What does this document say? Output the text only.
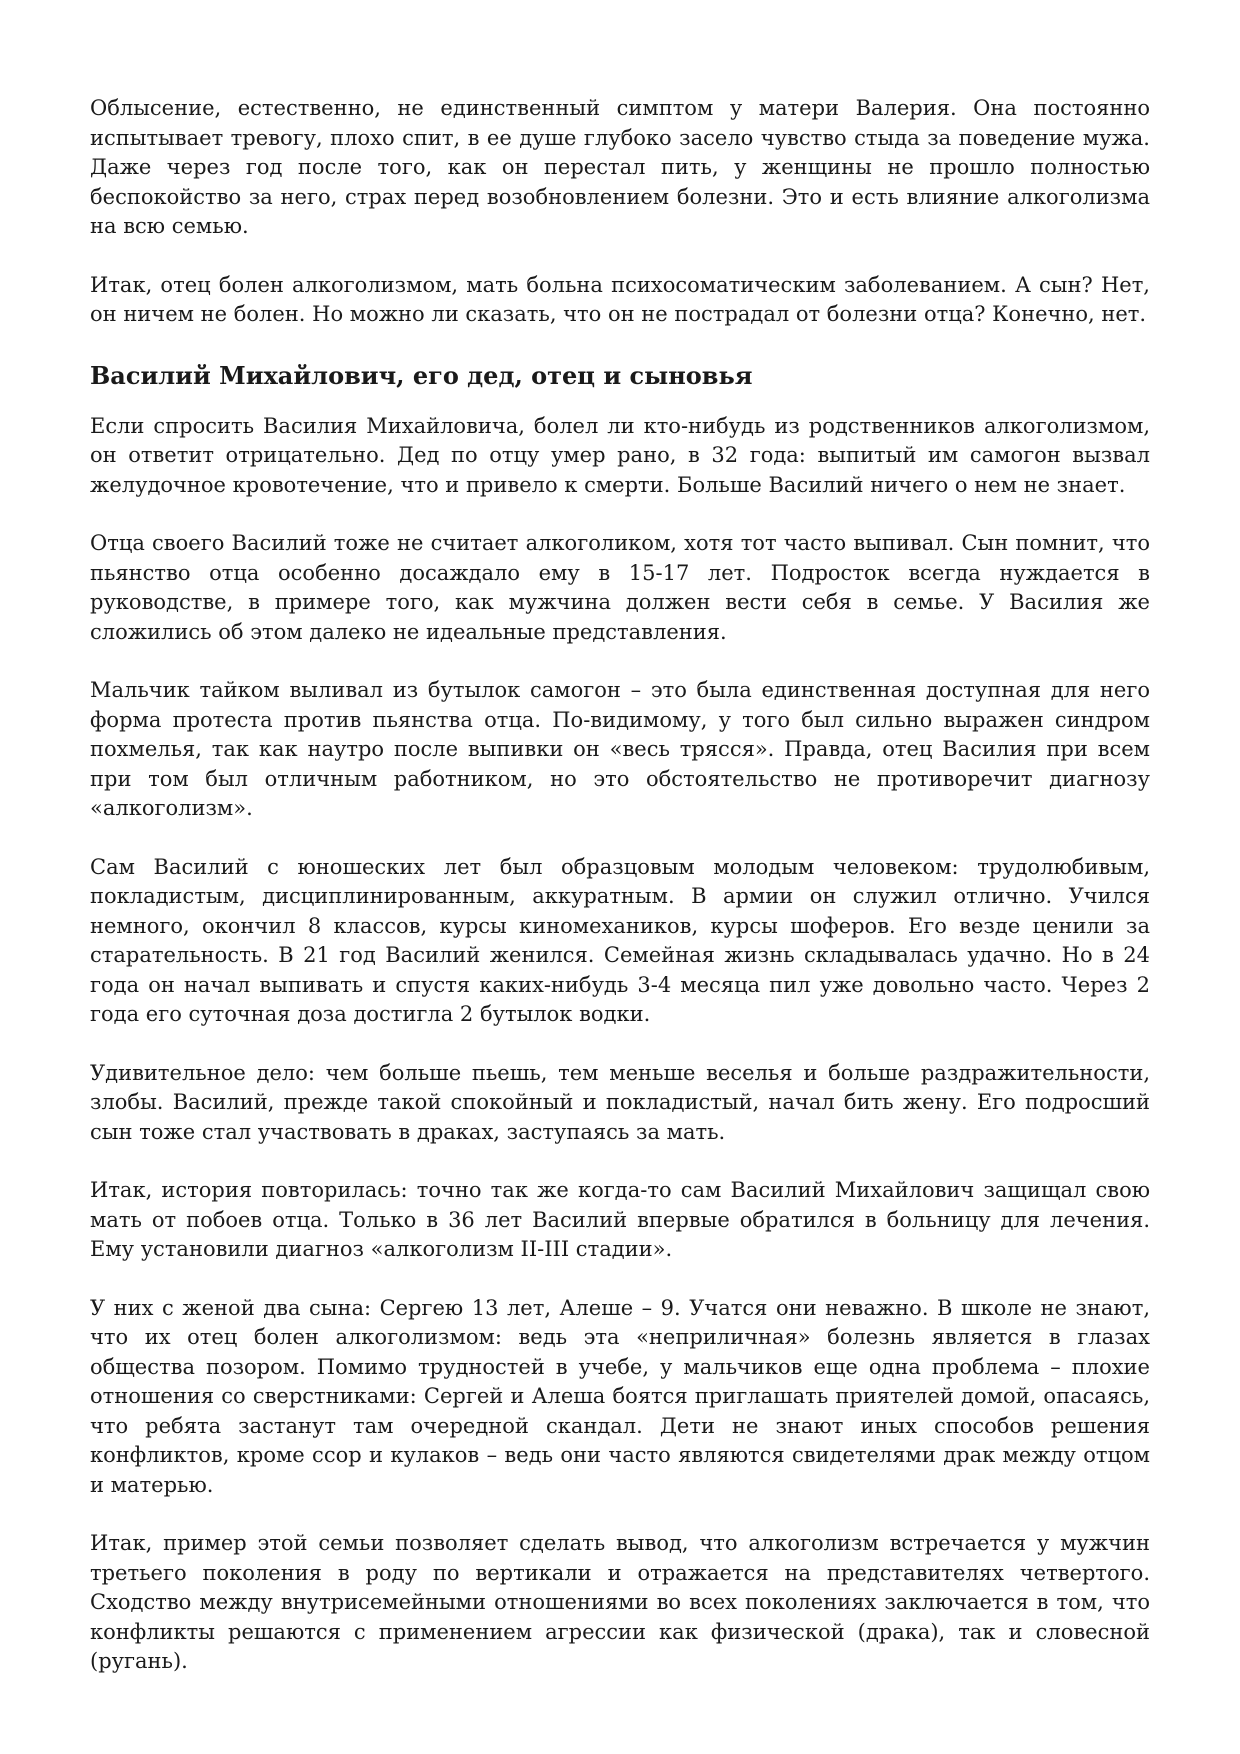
Облысение, естественно, не единственный симптом у матери Валерия. Она постоянно испытывает тревогу, плохо спит, в ее душе глубоко засело чувство стыда за поведение мужа. Даже через год после того, как он перестал пить, у женщины не прошло полностью беспокойство за него, страх перед возобновлением болезни. Это и есть влияние алкоголизма на всю семью.

Итак, отец болен алкоголизмом, мать больна психосоматическим заболеванием. А сын? Нет, он ничем не болен. Но можно ли сказать, что он не пострадал от болезни отца? Конечно, нет.

Василий Михайлович, его дед, отец и сыновья

Если спросить Василия Михайловича, болел ли кто-нибудь из родственников алкоголизмом, он ответит отрицательно. Дед по отцу умер рано, в 32 года: выпитый им самогон вызвал желудочное кровотечение, что и привело к смерти. Больше Василий ничего о нем не знает.

Отца своего Василий тоже не считает алкоголиком, хотя тот часто выпивал. Сын помнит, что пьянство отца особенно досаждало ему в 15-17 лет. Подросток всегда нуждается в руководстве, в примере того, как мужчина должен вести себя в семье. У Василия же сложились об этом далеко не идеальные представления.

Мальчик тайком выливал из бутылок самогон – это была единственная доступная для него форма протеста против пьянства отца. По-видимому, у того был сильно выражен синдром похмелья, так как наутро после выпивки он «весь трясся». Правда, отец Василия при всем при том был отличным работником, но это обстоятельство не противоречит диагнозу «алкоголизм».

Сам Василий с юношеских лет был образцовым молодым человеком: трудолюбивым, покладистым, дисциплинированным, аккуратным. В армии он служил отлично. Учился немного, окончил 8 классов, курсы киномехаников, курсы шоферов. Его везде ценили за старательность. В 21 год Василий женился. Семейная жизнь складывалась удачно. Но в 24 года он начал выпивать и спустя каких-нибудь 3-4 месяца пил уже довольно часто. Через 2 года его суточная доза достигла 2 бутылок водки.

Удивительное дело: чем больше пьешь, тем меньше веселья и больше раздражительности, злобы. Василий, прежде такой спокойный и покладистый, начал бить жену. Его подросший сын тоже стал участвовать в драках, заступаясь за мать.

Итак, история повторилась: точно так же когда-то сам Василий Михайлович защищал свою мать от побоев отца. Только в 36 лет Василий впервые обратился в больницу для лечения. Ему установили диагноз «алкоголизм II-III стадии».

У них с женой два сына: Сергею 13 лет, Алеше – 9. Учатся они неважно. В школе не знают, что их отец болен алкоголизмом: ведь эта «неприличная» болезнь является в глазах общества позором. Помимо трудностей в учебе, у мальчиков еще одна проблема – плохие отношения со сверстниками: Сергей и Алеша боятся приглашать приятелей домой, опасаясь, что ребята застанут там очередной скандал. Дети не знают иных способов решения конфликтов, кроме ссор и кулаков – ведь они часто являются свидетелями драк между отцом и матерью.

Итак, пример этой семьи позволяет сделать вывод, что алкоголизм встречается у мужчин третьего поколения в роду по вертикали и отражается на представителях четвертого. Сходство между внутрисемейными отношениями во всех поколениях заключается в том, что конфликты решаются с применением агрессии как физической (драка), так и словесной (ругань).
